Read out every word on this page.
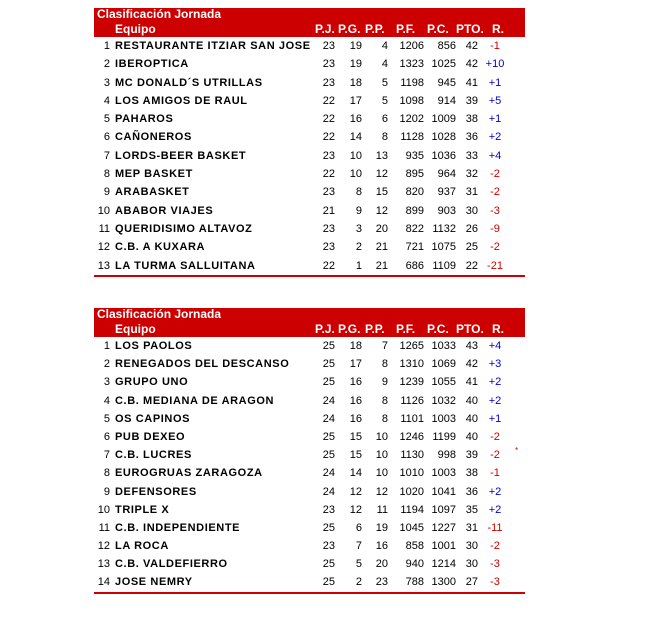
Clasificación Jornada
Equipo	P.J. P.G. P.P. P.F. P.C. PTO. R.
1 RESTAURANTE ITZIAR SAN JOSE	23	19	4	1206	856 42	-1
2 IBEROPTICA	23	19	4	1323 1025 42 +10
3 MC DONALD´S UTRILLAS	23	18	5	1198	945 41 +1
4 LOS AMIGOS DE RAUL	22	17	5	1098	914 39 +5
5 PAHAROS	22	16	6	1202 1009 38 +1
6 CAÑONEROS	22	14	8	1128 1028 36 +2
7 LORDS-BEER BASKET	23	10	13	935 1036 33 +4
8 MEP BASKET	22	10	12	895	964 32	-2
9 ARABASKET	23	8	15	820	937 31	-2
10 ABABOR VIAJES	21	9	12	899	903 30	-3
11 QUERIDISIMO ALTAVOZ	23	3	20	822 1132 26	-9
12 C.B. A KUXARA	23	2	21	721 1075 25	-2
13 LA TURMA SALLUITANA	22	1	21	686 1109 22 -21
Clasificación Jornada
Equipo	P.J. P.G. P.P. P.F. P.C. PTO. R.
1 LOS PAOLOS	25	18	7	1265 1033 43 +4
2 RENEGADOS DEL DESCANSO	25	17	8	1310 1069 42 +3
3 GRUPO UNO	25	16	9	1239 1055 41 +2
4 C.B. MEDIANA DE ARAGON	24	16	8	1126 1032 40 +2
5 OS CAPINOS	24	16	8	1101 1003 40 +1
6 PUB DEXEO	25	15	10	1246 1199 40	-2
7 C.B. LUCRES	25	15	10	1130	998 39	-2	*
8 EUROGRUAS ZARAGOZA	24	14	10	1010 1003 38	-1
9 DEFENSORES	24	12	12	1020 1041 36 +2
10 TRIPLE X	23	12	11	1194 1097 35 +2
11 C.B. INDEPENDIENTE	25	6	19	1045 1227 31 -11
12 LA ROCA	23	7	16	858 1001 30	-2
13 C.B. VALDEFIERRO	25	5	20	940 1214 30	-3
14 JOSE NEMRY	25	2	23	788 1300 27	-3
